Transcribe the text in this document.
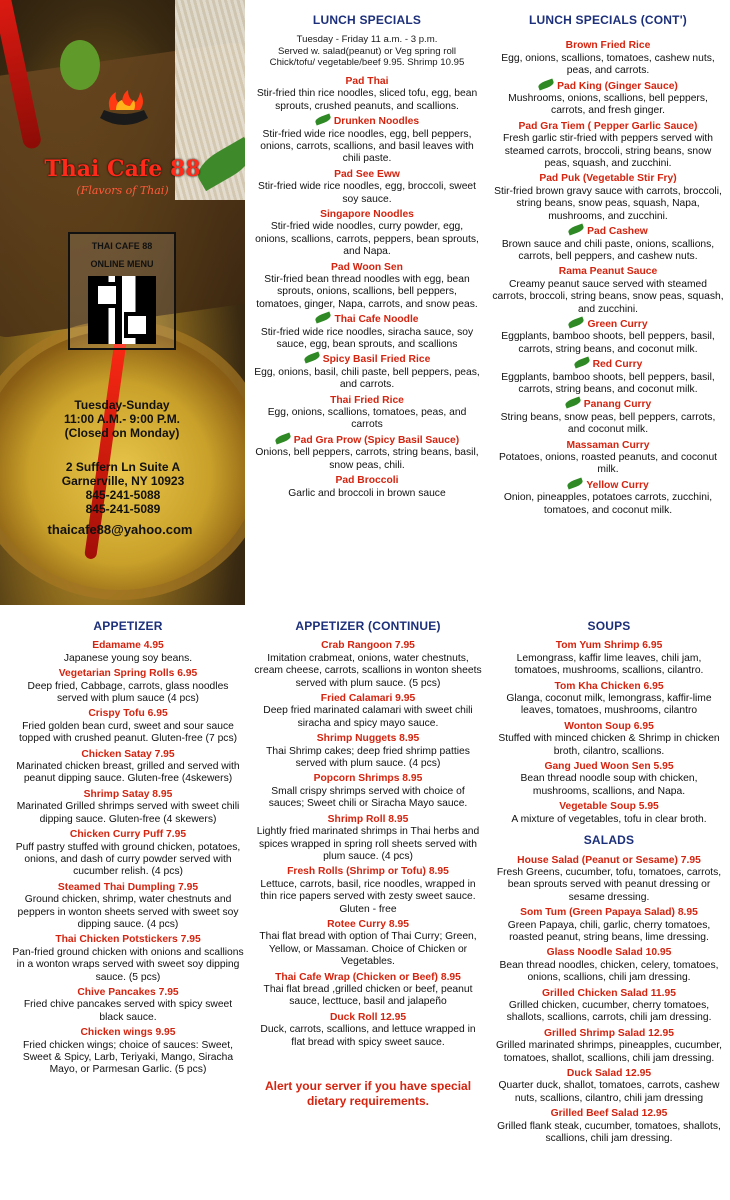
Thai Cafe 88
(Flavors of Thai)
THAI CAFE 88
ONLINE MENU
Tuesday-Sunday
11:00 A.M.- 9:00 P.M.
(Closed on Monday)
2 Suffern Ln Suite A
Garnerville, NY 10923
845-241-5088
845-241-5089
thaicafe88@yahoo.com
LUNCH SPECIALS
Tuesday - Friday 11 a.m. - 3 p.m.
Served w. salad(peanut) or Veg spring roll
Chick/tofu/ vegetable/beef 9.95. Shrimp 10.95
Pad Thai
Stir-fried thin rice noodles, sliced tofu, egg, bean sprouts, crushed peanuts, and scallions.
Drunken Noodles
Stir-fried wide rice noodles, egg, bell peppers, onions, carrots, scallions, and basil leaves with chili paste.
Pad See Eww
Stir-fried wide rice noodles, egg, broccoli, sweet soy sauce.
Singapore Noodles
Stir-fried wide noodles, curry powder, egg, onions, scallions, carrots, peppers, bean sprouts, and Napa.
Pad Woon Sen
Stir-fried bean thread noodles with egg, bean sprouts, onions, scallions, bell peppers, tomatoes, ginger, Napa, carrots, and snow peas.
Thai Cafe Noodle
Stir-fried wide rice noodles, siracha sauce, soy sauce, egg, bean sprouts, and scallions
Spicy Basil Fried Rice
Egg, onions, basil, chili paste, bell peppers, peas, and carrots.
Thai Fried Rice
Egg, onions, scallions, tomatoes, peas, and carrots
Pad Gra Prow (Spicy Basil Sauce)
Onions, bell peppers, carrots, string beans, basil, snow peas, chili.
Pad Broccoli
Garlic and broccoli in brown sauce
LUNCH SPECIALS (CONT')
Brown Fried Rice
Egg, onions, scallions, tomatoes, cashew nuts, peas, and carrots.
Pad King (Ginger Sauce)
Mushrooms, onions, scallions, bell peppers, carrots, and fresh ginger.
Pad Gra Tiem ( Pepper Garlic Sauce)
Fresh garlic stir-fried with peppers served with steamed carrots, broccoli, string beans, snow peas, squash, and zucchini.
Pad Puk (Vegetable Stir Fry)
Stir-fried brown gravy sauce with carrots, broccoli, string beans, snow peas, squash, Napa, mushrooms, and zucchini.
Pad Cashew
Brown sauce and chili paste, onions, scallions, carrots, bell peppers, and cashew nuts.
Rama Peanut Sauce
Creamy peanut sauce served with steamed carrots, broccoli, string beans, snow peas, squash, and zucchini.
Green Curry
Eggplants, bamboo shoots, bell peppers, basil, carrots, string beans, and coconut milk.
Red Curry
Eggplants, bamboo shoots, bell peppers, basil, carrots, string beans, and coconut milk.
Panang Curry
String beans, snow peas, bell peppers, carrots, and coconut milk.
Massaman Curry
Potatoes, onions, roasted peanuts, and coconut milk.
Yellow Curry
Onion, pineapples, potatoes carrots, zucchini, tomatoes, and coconut milk.
APPETIZER
Edamame 4.95
Japanese young soy beans.
Vegetarian Spring Rolls 6.95
Deep fried, Cabbage, carrots, glass noodles served with plum sauce (4 pcs)
Crispy Tofu 6.95
Fried golden bean curd, sweet and sour sauce topped with crushed peanut. Gluten-free (7 pcs)
Chicken Satay 7.95
Marinated chicken breast, grilled and served with peanut dipping sauce. Gluten-free (4skewers)
Shrimp Satay 8.95
Marinated Grilled shrimps served with sweet chili dipping sauce. Gluten-free (4 skewers)
Chicken Curry Puff 7.95
Puff pastry stuffed with ground chicken, potatoes, onions, and dash of curry powder served with cucumber relish. (4 pcs)
Steamed Thai Dumpling 7.95
Ground chicken, shrimp, water chestnuts and peppers in wonton sheets served with sweet soy dipping sauce. (4 pcs)
Thai Chicken Potstickers 7.95
Pan-fried ground chicken with onions and scallions in a wonton wraps served with sweet soy dipping sauce. (5 pcs)
Chive Pancakes 7.95
Fried chive pancakes served with spicy sweet black sauce.
Chicken wings 9.95
Fried chicken wings; choice of sauces: Sweet, Sweet & Spicy, Larb, Teriyaki, Mango, Siracha Mayo, or Parmesan Garlic. (5 pcs)
APPETIZER (CONTINUE)
Crab Rangoon 7.95
Imitation crabmeat, onions, water chestnuts, cream cheese, carrots, scallions in wonton sheets served with plum sauce. (5 pcs)
Fried Calamari 9.95
Deep fried marinated calamari with sweet chili siracha and spicy mayo sauce.
Shrimp Nuggets 8.95
Thai Shrimp cakes; deep fried shrimp patties served with plum sauce. (4 pcs)
Popcorn Shrimps 8.95
Small crispy shrimps served with choice of sauces; Sweet chili or Siracha Mayo sauce.
Shrimp Roll 8.95
Lightly fried marinated shrimps in Thai herbs and spices wrapped in spring roll sheets served with plum sauce. (4 pcs)
Fresh Rolls (Shrimp or Tofu) 8.95
Lettuce, carrots, basil, rice noodles, wrapped in thin rice papers served with zesty sweet sauce. Gluten - free
Rotee Curry 8.95
Thai flat bread with option of Thai Curry; Green, Yellow, or Massaman. Choice of Chicken or Vegetables.
Thai Cafe Wrap (Chicken or Beef) 8.95
Thai flat bread ,grilled chicken or beef, peanut sauce, lecttuce, basil and jalapeño
Duck Roll 12.95
Duck, carrots, scallions, and lettuce wrapped in flat bread with spicy sweet sauce.
Alert your server if you have special dietary requirements.
SOUPS
Tom Yum Shrimp 6.95
Lemongrass, kaffir lime leaves, chili jam, tomatoes, mushrooms, scallions, cilantro.
Tom Kha Chicken 6.95
Glanga, coconut milk, lemongrass, kaffir-lime leaves, tomatoes, mushrooms, cilantro
Wonton Soup 6.95
Stuffed with minced chicken & Shrimp in chicken broth, cilantro, scallions.
Gang Jued Woon Sen 5.95
Bean thread noodle soup with chicken, mushrooms, scallions, and Napa.
Vegetable Soup 5.95
A mixture of vegetables, tofu in clear broth.
SALADS
House Salad (Peanut or Sesame) 7.95
Fresh Greens, cucumber, tofu, tomatoes, carrots, bean sprouts served with peanut dressing or sesame dressing.
Som Tum (Green Papaya Salad) 8.95
Green Papaya, chili, garlic, cherry tomatoes, roasted peanut, string beans, lime dressing.
Glass Noodle Salad 10.95
Bean thread noodles, chicken, celery, tomatoes, onions, scallions, chili jam dressing.
Grilled Chicken Salad 11.95
Grilled chicken, cucumber, cherry tomatoes, shallots, scallions, carrots, chili jam dressing.
Grilled Shrimp Salad 12.95
Grilled marinated shrimps, pineapples, cucumber, tomatoes, shallot, scallions, chili jam dressing.
Duck Salad 12.95
Quarter duck, shallot, tomatoes, carrots, cashew nuts, scallions, cilantro, chili jam dressing
Grilled Beef Salad 12.95
Grilled flank steak, cucumber, tomatoes, shallots, scallions, chili jam dressing.
